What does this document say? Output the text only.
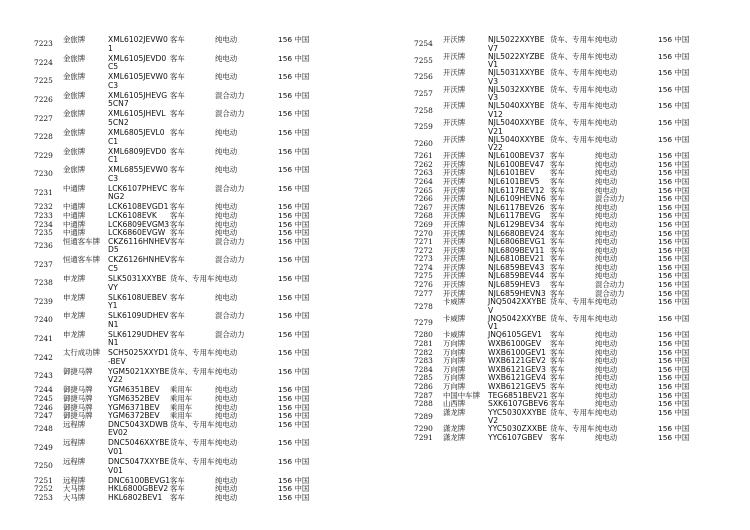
7223 金旅牌	XML6102JEVW0 客车	纯电动	156 中国
1
7224 金旅牌	XML6105JEVD0 客车	纯电动	156 中国
C5
7225 金旅牌	XML6105JEVW0 客车	纯电动	156 中国
C3
7226 金旅牌	XML6105JHEVG 客车	混合动力	156 中国
5CN7
7227 金旅牌	XML6105JHEVL 客车	混合动力	156 中国
5CN2
7228 金旅牌	XML6805JEVL0 客车	纯电动	156 中国
C1
7229 金旅牌	XML6809JEVD0 客车	纯电动	156 中国
C1
7230 金旅牌	XML6855JEVW0 客车	纯电动	156 中国
C3
7231 中通牌	LCK6107PHEVC 客车	混合动力	156 中国
NG2
7232 中通牌	LCK6108EVGD1 客车	纯电动	156 中国
7233 中通牌	LCK6108EVK 客车	纯电动	156 中国
7234 中通牌	LCK6809EVGM3 客车	纯电动	156 中国
7235 中通牌	LCK6860EVGW 客车	纯电动	156 中国
7236 恒通客车牌 CKZ6116HNHEV 客车	混合动力	156 中国
D5
7237 恒通客车牌 CKZ6126HNHEV 客车	混合动力	156 中国
C5
7238 申龙牌	SLK5031XXYBE 货车、专用车 纯电动	156 中国
VY
7239 申龙牌	SLK6108UEBEV 客车	纯电动	156 中国
Y1
7240 申龙牌	SLK6109UDHEV 客车	混合动力	156 中国
N1
7241 申龙牌	SLK6129UDHEV 客车	混合动力	156 中国
N1
7242 太行成功牌 SCH5025XXYD1 货车、专用车 纯电动	156 中国
-BEV
7243 御捷马牌 YGM5021XXYBE 货车、专用车 纯电动	156 中国
V22
7244 御捷马牌 YGM6351BEV 乘用车	纯电动	156 中国
7245 御捷马牌 YGM6352BEV 乘用车	纯电动	156 中国
7246 御捷马牌 YGM6371BEV 乘用车	纯电动	156 中国
7247 御捷马牌 YGM6372BEV 乘用车	纯电动	156 中国
7248 远程牌	DNC5043XDWB 货车、专用车 纯电动	156 中国
EV02
7249 远程牌	DNC5046XXYBE 货车、专用车 纯电动	156 中国
V01
7250 远程牌	DNC5047XXYBE 货车、专用车 纯电动	156 中国
V01
7251 远程牌	DNC6100BEVG1 客车	纯电动	156 中国
7252 大马牌	HKL6800GBEV2 客车	纯电动	156 中国
7253 大马牌	HKL6802BEV1 客车	纯电动	156 中国
7254 开沃牌	NJL5022XXYBE 货车、专用车 纯电动	156 中国
V7
7255 开沃牌	NJL5022XYZBE 货车、专用车 纯电动	156 中国
V1
7256 开沃牌	NJL5031XXYBE 货车、专用车 纯电动	156 中国
V3
7257 开沃牌	NJL5032XXYBE 货车、专用车 纯电动	156 中国
V3
7258 开沃牌	NJL5040XXYBE 货车、专用车 纯电动	156 中国
V12
7259 开沃牌	NJL5040XXYBE 货车、专用车 纯电动	156 中国
V21
7260 开沃牌	NJL5040XXYBE 货车、专用车 纯电动	156 中国
V22
7261 开沃牌	NJL6100BEV37 客车	纯电动	156 中国
7262 开沃牌	NJL6100BEV47 客车	纯电动	156 中国
7263 开沃牌	NJL6101BEV 客车	纯电动	156 中国
7264 开沃牌	NJL6101BEV5 客车	纯电动	156 中国
7265 开沃牌	NJL6117BEV12 客车	纯电动	156 中国
7266 开沃牌	NJL6109HEVN6 客车	混合动力	156 中国
7267 开沃牌	NJL6117BEV26 客车	纯电动	156 中国
7268 开沃牌	NJL6117BEVG 客车	纯电动	156 中国
7269 开沃牌	NJL6129BEV34 客车	纯电动	156 中国
7270 开沃牌	NJL6680BEV24 客车	纯电动	156 中国
7271 开沃牌	NJL6806BEVG1 客车	纯电动	156 中国
7272 开沃牌	NJL6809BEV11 客车	纯电动	156 中国
7273 开沃牌	NJL6810BEV21 客车	纯电动	156 中国
7274 开沃牌	NJL6859BEV43 客车	纯电动	156 中国
7275 开沃牌	NJL6859BEV44 客车	纯电动	156 中国
7276 开沃牌	NJL6859HEV3 客车	混合动力	156 中国
7277 开沃牌	NJL6859HEVN3 客车	混合动力	156 中国
7278 卡威牌	JNQ5042XXYBE 货车、专用车 纯电动	156 中国
V
7279 卡威牌	JNQ5042XXYBE 货车、专用车 纯电动	156 中国
V1
7280 卡威牌	JNQ6105GEV1 客车	纯电动	156 中国
7281 万向牌	WXB6100GEV 客车	纯电动	156 中国
7282 万向牌	WXB6100GEV1 客车	纯电动	156 中国
7283 万向牌	WXB6121GEV2 客车	纯电动	156 中国
7284 万向牌	WXB6121GEV3 客车	纯电动	156 中国
7285 万向牌	WXB6121GEV4 客车	纯电动	156 中国
7286 万向牌	WXB6121GEV5 客车	纯电动	156 中国
7287 中国中车牌 TEG6851BEV21 客车	纯电动	156 中国
7288 山西牌	SXK6107GBEV6 客车	纯电动	156 中国
7289 潇龙牌	YYC5030XXYBE 货车、专用车 纯电动	156 中国
V2
7290 潇龙牌	YYC5030ZXXBE 货车、专用车 纯电动	156 中国
7291 潇龙牌	YYC6107GBEV 客车	纯电动	156 中国
